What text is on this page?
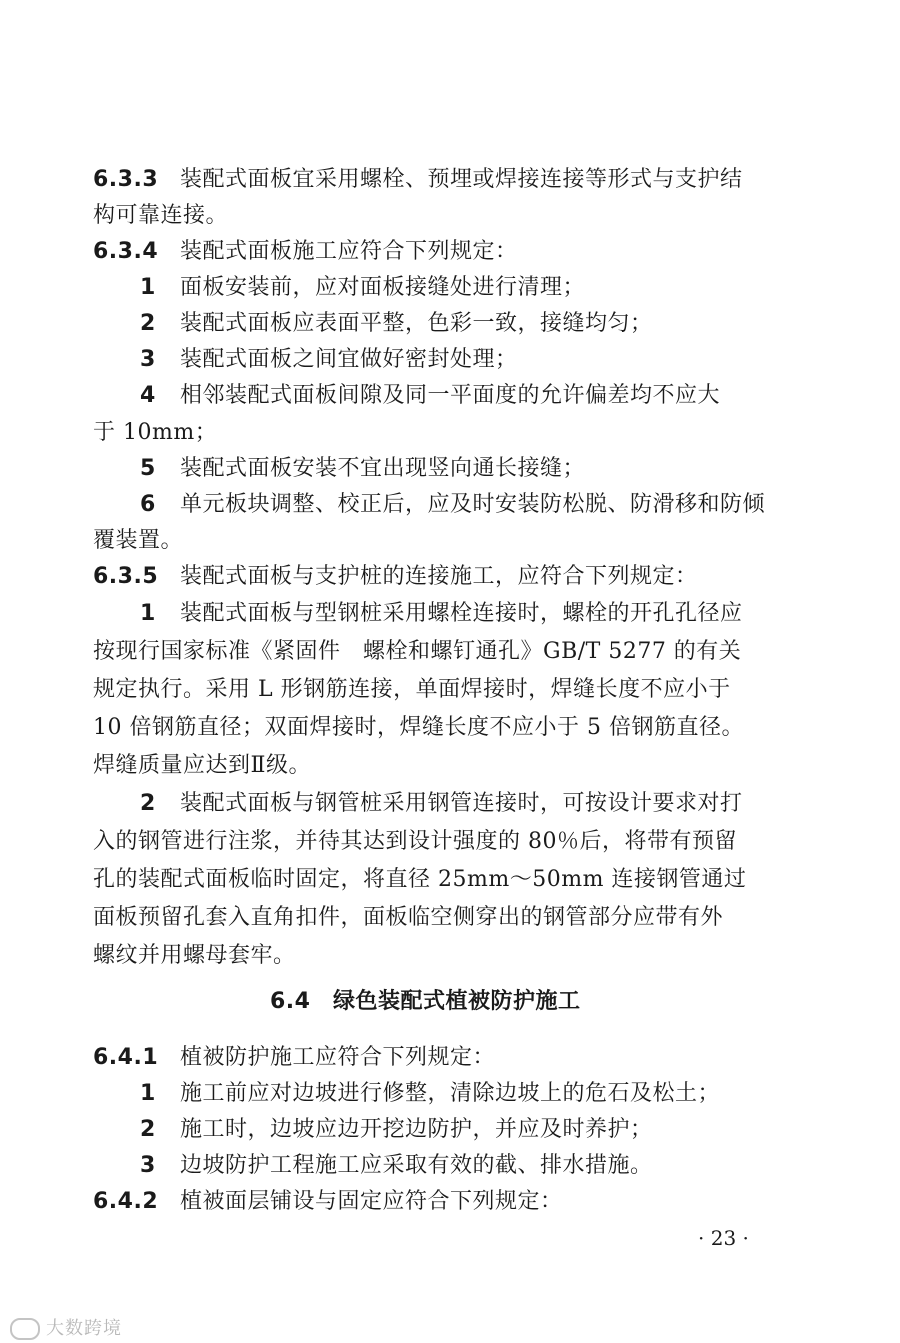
6.3.3 装配式面板宜采用螺栓、预埋或焊接连接等形式与支护结
构可靠连接。
6.3.4 装配式面板施工应符合下列规定：
1 面板安装前，应对面板接缝处进行清理；
2 装配式面板应表面平整，色彩一致，接缝均匀；
3 装配式面板之间宜做好密封处理；
4 相邻装配式面板间隙及同一平面度的允许偏差均不应大
于 10mm；
5 装配式面板安装不宜出现竖向通长接缝；
6 单元板块调整、校正后，应及时安装防松脱、防滑移和防倾
覆装置。
6.3.5 装配式面板与支护桩的连接施工，应符合下列规定：
1 装配式面板与型钢桩采用螺栓连接时，螺栓的开孔孔径应
按现行国家标准《紧固件　螺栓和螺钉通孔》GB/T 5277 的有关
规定执行。采用 L 形钢筋连接，单面焊接时，焊缝长度不应小于
10 倍钢筋直径；双面焊接时，焊缝长度不应小于 5 倍钢筋直径。
焊缝质量应达到Ⅱ级。
2 装配式面板与钢管桩采用钢管连接时，可按设计要求对打
入的钢管进行注浆，并待其达到设计强度的 80％后，将带有预留
孔的装配式面板临时固定，将直径 25mm～50mm 连接钢管通过
面板预留孔套入直角扣件，面板临空侧穿出的钢管部分应带有外
螺纹并用螺母套牢。
6.4 绿色装配式植被防护施工
6.4.1 植被防护施工应符合下列规定：
1 施工前应对边坡进行修整，清除边坡上的危石及松土；
2 施工时，边坡应边开挖边防护，并应及时养护；
3 边坡防护工程施工应采取有效的截、排水措施。
6.4.2 植被面层铺设与固定应符合下列规定：
· 23 ·
大数跨境
